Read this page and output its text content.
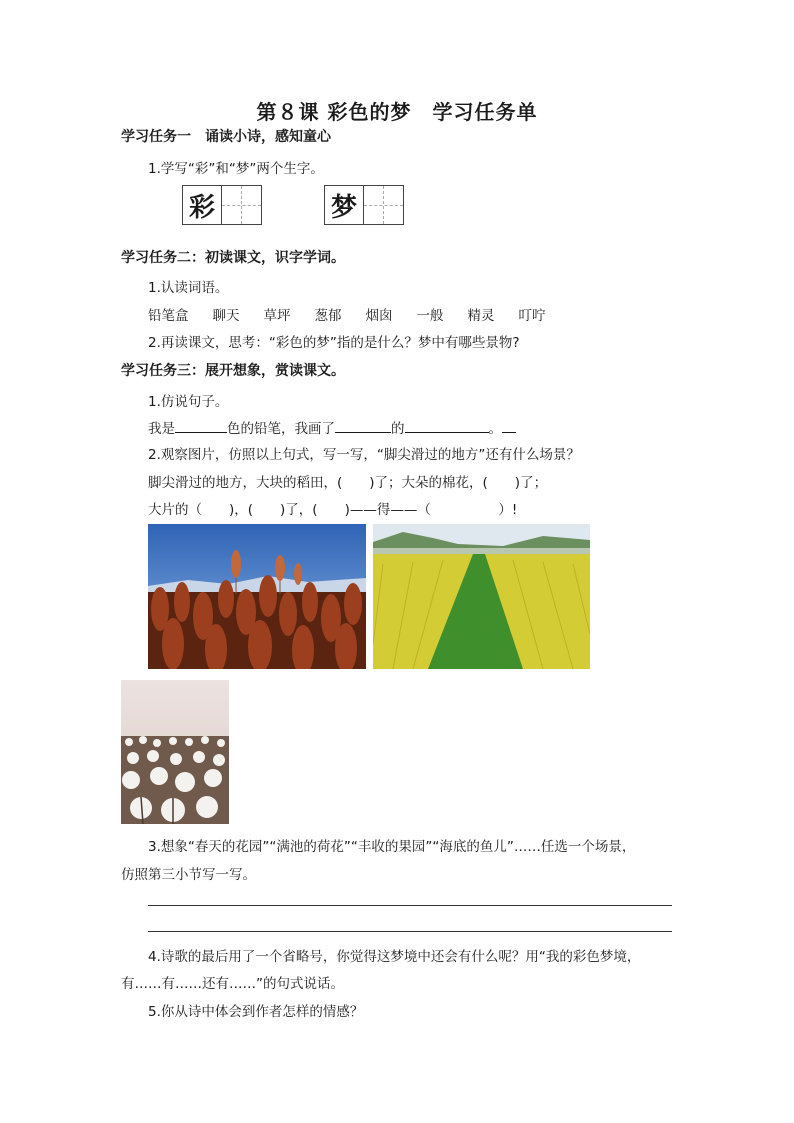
第８课 彩色的梦　学习任务单
学习任务一　诵读小诗，感知童心
1.学写“彩”和“梦”两个生字。
彩	梦
学习任务二：初读课文，识字学词。
1.认读词语。
铅笔盒 聊天 草坪 葱郁 烟囱 一般 精灵 叮咛
2.再读课文，思考：“彩色的梦”指的是什么？梦中有哪些景物?
学习任务三：展开想象，赏读课文。
1.仿说句子。
我是	色的铅笔，我画了	的	。
2.观察图片，仿照以上句式，写一写，“脚尖滑过的地方”还有什么场景？
脚尖滑过的地方，大块的稻田，(　　)了；大朵的棉花，(　　)了；
大片的（　　)，(　　)了，(　　)——得——（　　　　　）!
3.想象“春天的花园”“满池的荷花”“丰收的果园”“海底的鱼儿”……任选一个场景，
仿照第三小节写一写。
4.诗歌的最后用了一个省略号，你觉得这梦境中还会有什么呢？用“我的彩色梦境，
有……有……还有……”的句式说话。
5.你从诗中体会到作者怎样的情感？
